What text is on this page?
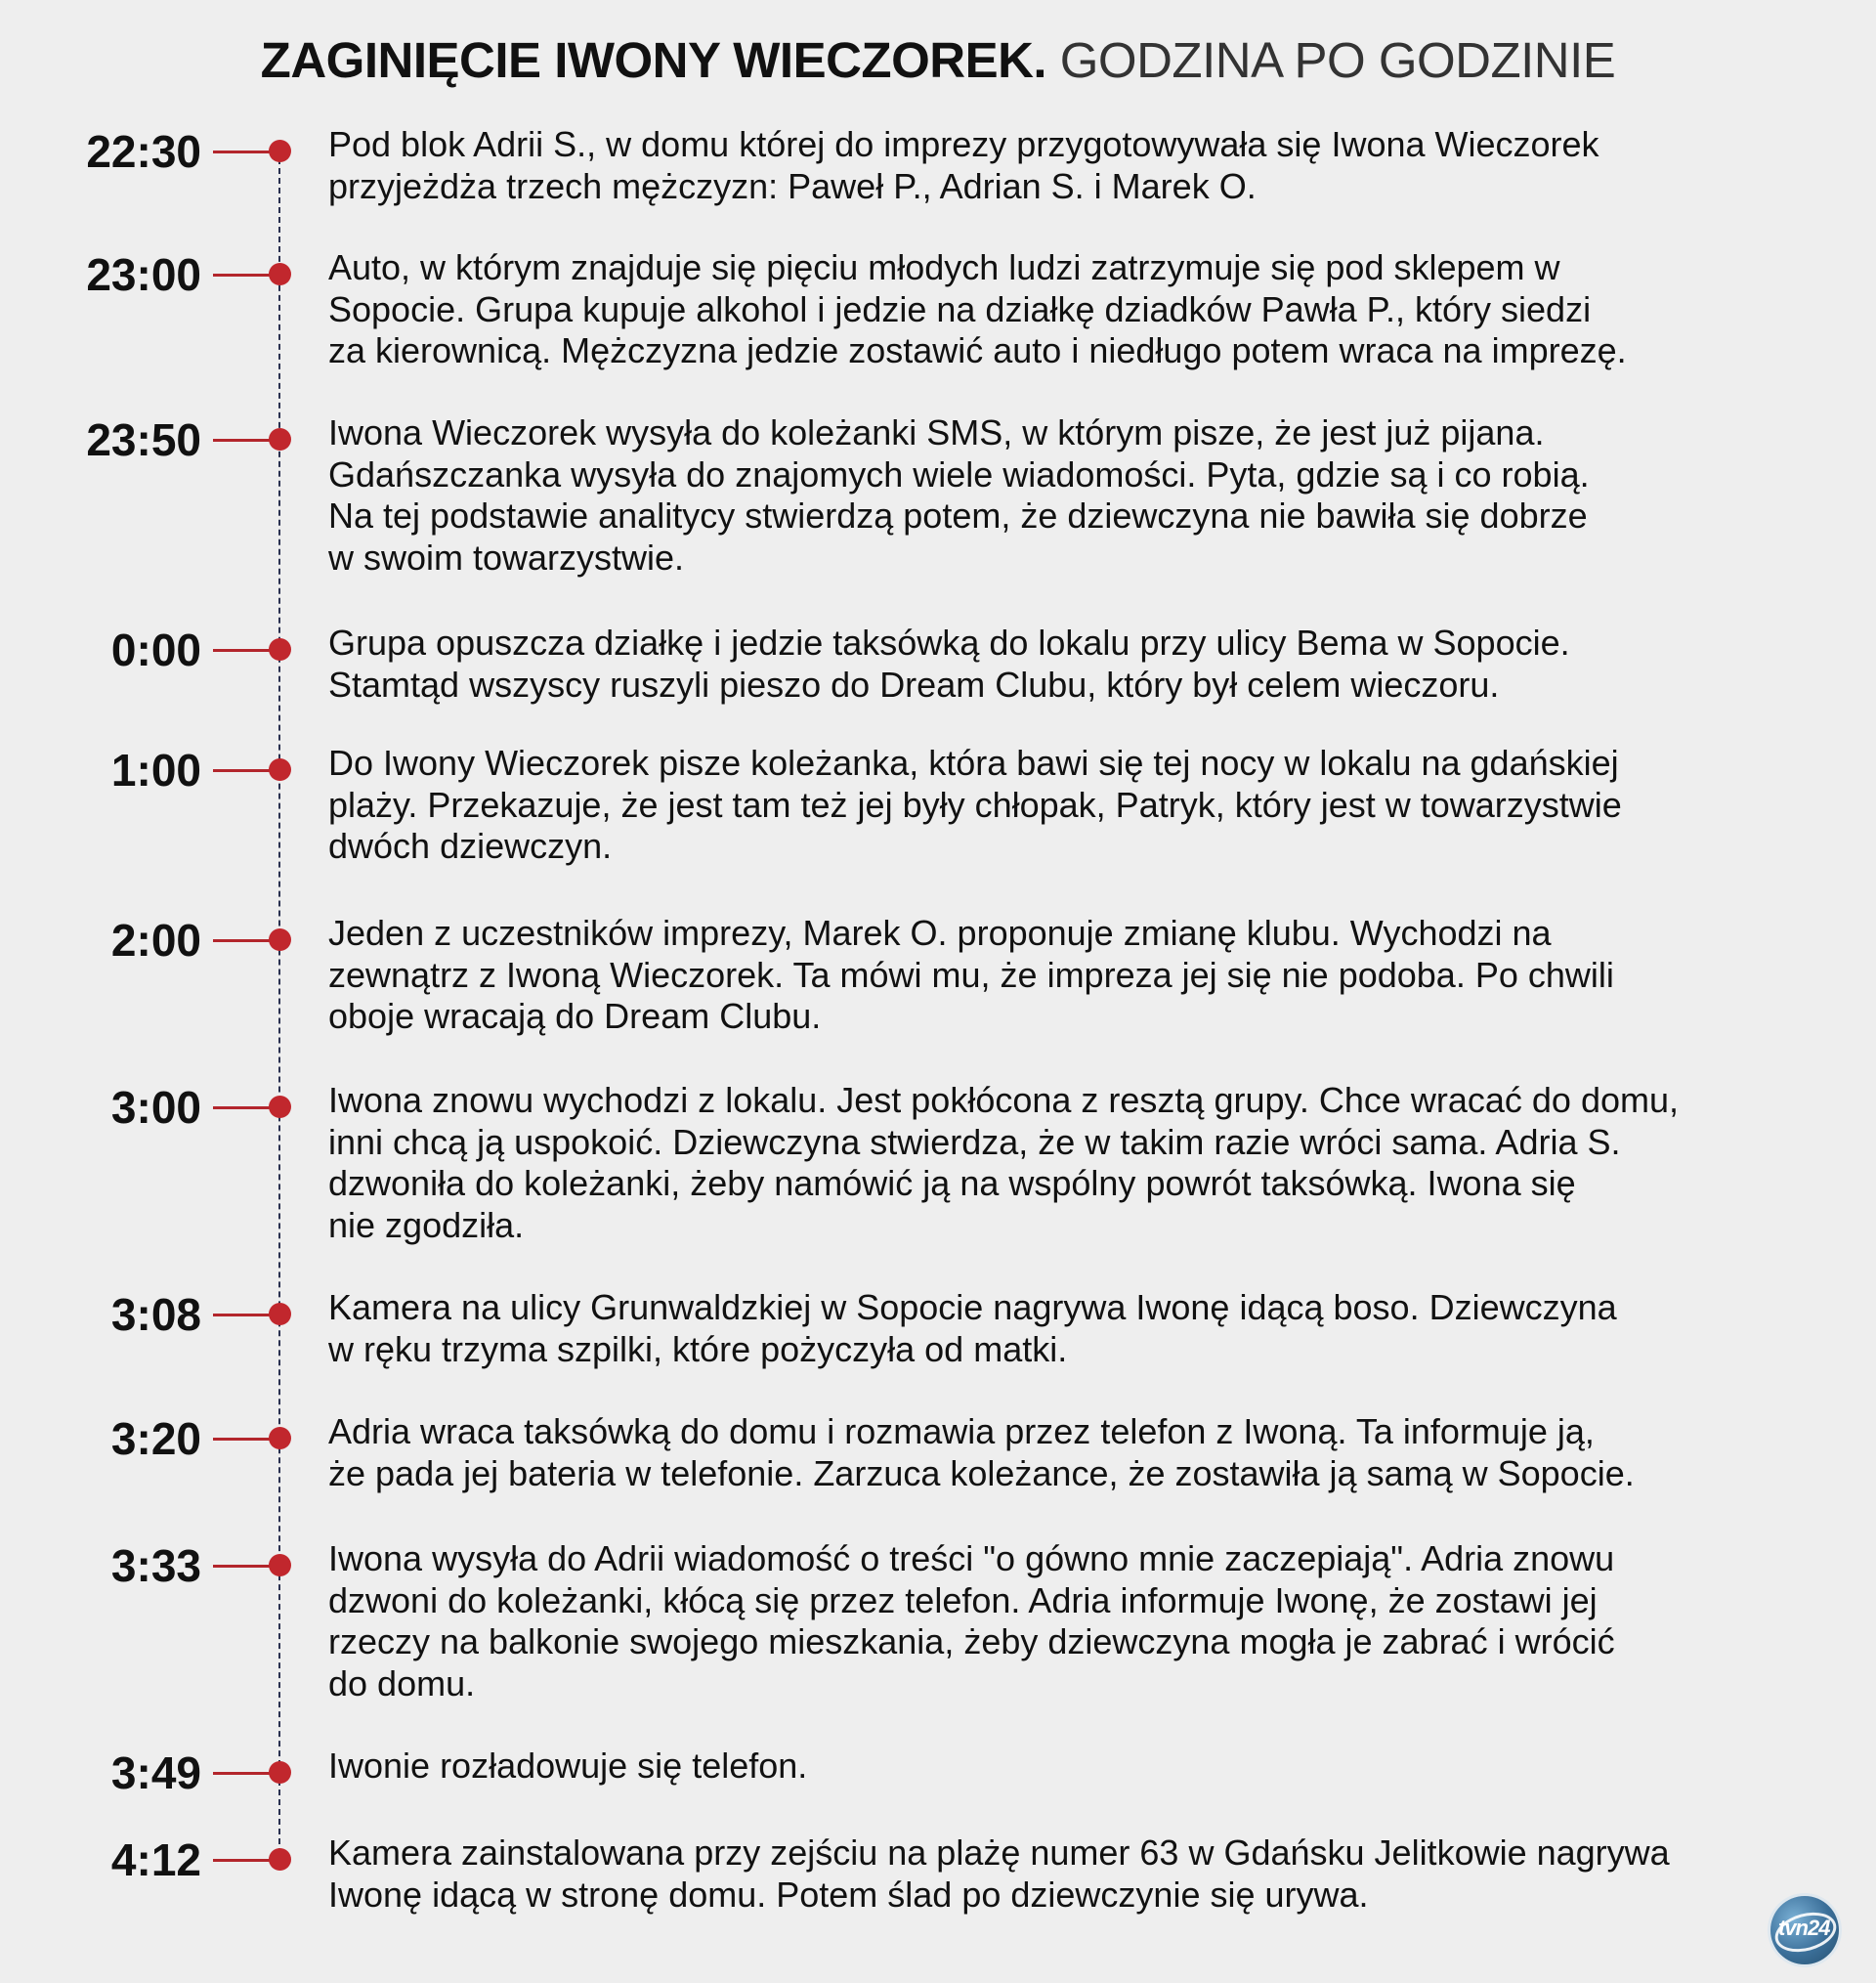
ZAGINIĘCIE IWONY WIECZOREK. GODZINA PO GODZINIE
22:30	Pod blok Adrii S., w domu której do imprezy przygotowywała się Iwona Wieczorek
przyjeżdża trzech mężczyzn: Paweł P., Adrian S. i Marek O.
23:00	Auto, w którym znajduje się pięciu młodych ludzi zatrzymuje się pod sklepem w
Sopocie. Grupa kupuje alkohol i jedzie na działkę dziadków Pawła P., który siedzi
za kierownicą. Mężczyzna jedzie zostawić auto i niedługo potem wraca na imprezę.
23:50	Iwona Wieczorek wysyła do koleżanki SMS, w którym pisze, że jest już pijana.
Gdańszczanka wysyła do znajomych wiele wiadomości. Pyta, gdzie są i co robią.
Na tej podstawie analitycy stwierdzą potem, że dziewczyna nie bawiła się dobrze
w swoim towarzystwie.
0:00	Grupa opuszcza działkę i jedzie taksówką do lokalu przy ulicy Bema w Sopocie.
Stamtąd wszyscy ruszyli pieszo do Dream Clubu, który był celem wieczoru.
1:00	Do Iwony Wieczorek pisze koleżanka, która bawi się tej nocy w lokalu na gdańskiej
plaży. Przekazuje, że jest tam też jej były chłopak, Patryk, który jest w towarzystwie
dwóch dziewczyn.
2:00	Jeden z uczestników imprezy, Marek O. proponuje zmianę klubu. Wychodzi na
zewnątrz z Iwoną Wieczorek. Ta mówi mu, że impreza jej się nie podoba. Po chwili
oboje wracają do Dream Clubu.
3:00	Iwona znowu wychodzi z lokalu. Jest pokłócona z resztą grupy. Chce wracać do domu,
inni chcą ją uspokoić. Dziewczyna stwierdza, że w takim razie wróci sama. Adria S.
dzwoniła do koleżanki, żeby namówić ją na wspólny powrót taksówką. Iwona się
nie zgodziła.
3:08	Kamera na ulicy Grunwaldzkiej w Sopocie nagrywa Iwonę idącą boso. Dziewczyna
w ręku trzyma szpilki, które pożyczyła od matki.
3:20	Adria wraca taksówką do domu i rozmawia przez telefon z Iwoną. Ta informuje ją,
że pada jej bateria w telefonie. Zarzuca koleżance, że zostawiła ją samą w Sopocie.
3:33	Iwona wysyła do Adrii wiadomość o treści "o gówno mnie zaczepiają". Adria znowu
dzwoni do koleżanki, kłócą się przez telefon. Adria informuje Iwonę, że zostawi jej
rzeczy na balkonie swojego mieszkania, żeby dziewczyna mogła je zabrać i wrócić
do domu.
3:49	Iwonie rozładowuje się telefon.
4:12	Kamera zainstalowana przy zejściu na plażę numer 63 w Gdańsku Jelitkowie nagrywa
Iwonę idącą w stronę domu. Potem ślad po dziewczynie się urywa.
tvn24
